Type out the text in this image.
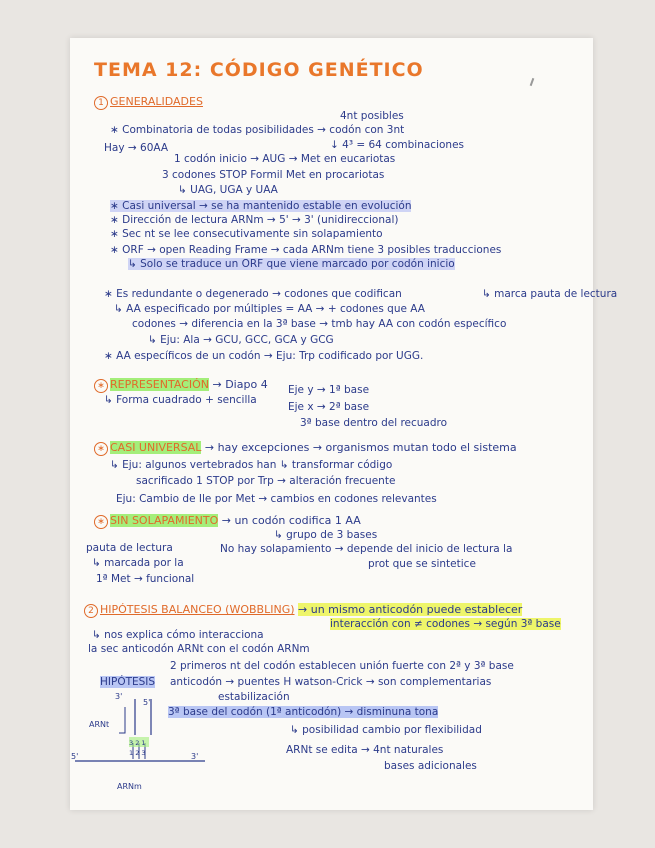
TEMA 12: CÓDIGO GENÉTICO
1 GENERALIDADES
4nt posibles
∗ Combinatoria de todas posibilidades → codón con 3nt
↓ 4³ = 64 combinaciones
Hay → 60AA
1 codón inicio → AUG → Met en eucariotas
3 codones STOP Formil Met en procariotas
↳ UAG, UGA y UAA
∗ Casi universal → se ha mantenido estable en evolución
∗ Dirección de lectura ARNm → 5' → 3' (unidireccional)
∗ Sec nt se lee consecutivamente sin solapamiento
∗ ORF → open Reading Frame → cada ARNm tiene 3 posibles traducciones
↳ Solo se traduce un ORF que viene marcado por codón inicio
∗ Es redundante o degenerado → codones que codifican	↳ marca pauta de lectura
↳ AA especificado por múltiples = AA → + codones que AA
codones → diferencia en la 3ª base → tmb hay AA con codón específico
↳ Eju: Ala → GCU, GCC, GCA y GCG
∗ AA específicos de un codón → Eju: Trp codificado por UGG.
∗ REPRESENTACIÓN → Diapo 4
↳ Forma cuadrado + sencilla
Eje y → 1ª base
Eje x → 2ª base
3ª base dentro del recuadro
∗ CASI UNIVERSAL → hay excepciones → organismos mutan todo el sistema
↳ Eju: algunos vertebrados han ↳ transformar código
sacrificado 1 STOP por Trp → alteración frecuente
Eju: Cambio de Ile por Met → cambios en codones relevantes
∗ SIN SOLAPAMIENTO → un codón codifica 1 AA
↳ grupo de 3 bases
pauta de lectura
↳ marcada por la
1ª Met → funcional
No hay solapamiento → depende del inicio de lectura la
prot que se sintetice
2 HIPÓTESIS BALANCEO (WOBBLING) → un mismo anticodón puede establecer
interacción con ≠ codones → según 3ª base
↳ nos explica cómo interacciona
la sec anticodón ARNt con el codón ARNm
2 primeros nt del codón establecen unión fuerte con 2ª y 3ª base
HIPÓTESIS anticodón → puentes H watson-Crick → son complementarias
estabilización
3ª base del codón (1ª anticodón) → disminuna tona
↳ posibilidad cambio por flexibilidad
ARNt se edita → 4nt naturales
bases adicionales
3'
5'
ARNt
3 2 1
1 2 3
5'	3'
ARNm
